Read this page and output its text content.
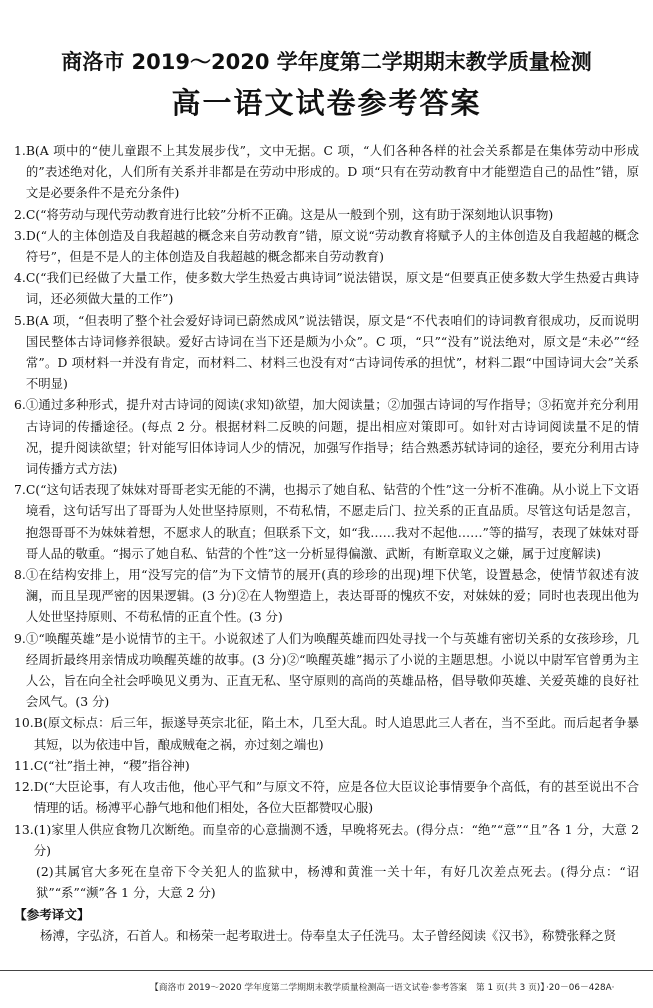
商洛市 2019～2020 学年度第二学期期末教学质量检测
高一语文试卷参考答案
1. B(A 项中的“使儿童跟不上其发展步伐”，文中无据。C 项，“人们各种各样的社会关系都是在集体劳动中形成的”表述绝对化，人们所有关系并非都是在劳动中形成的。D 项“只有在劳动教育中才能塑造自己的品性”错，原文是必要条件不是充分条件)
2. C(“将劳动与现代劳动教育进行比较”分析不正确。这是从一般到个别，这有助于深刻地认识事物)
3. D(“人的主体创造及自我超越的概念来自劳动教育”错，原文说“劳动教育将赋予人的主体创造及自我超越的概念符号”，但是不是人的主体创造及自我超越的概念都来自劳动教育)
4. C(“我们已经做了大量工作，使多数大学生热爱古典诗词”说法错误，原文是“但要真正使多数大学生热爱古典诗词，还必须做大量的工作”)
5. B(A 项，“但表明了整个社会爱好诗词已蔚然成风”说法错误，原文是“不代表咱们的诗词教育很成功，反而说明国民整体古诗词修养很缺。爱好古诗词在当下还是颇为小众”。C 项，“只”“没有”说法绝对，原文是“未必”“经常”。D 项材料一并没有肯定，而材料二、材料三也没有对“古诗词传承的担忧”，材料二跟“中国诗词大会”关系不明显)
6. ①通过多种形式，提升对古诗词的阅读(求知)欲望，加大阅读量；②加强古诗词的写作指导；③拓宽并充分利用古诗词的传播途径。(每点 2 分。根据材料二反映的问题，提出相应对策即可。如针对古诗词阅读量不足的情况，提升阅读欲望；针对能写旧体诗词人少的情况，加强写作指导；结合熟悉苏轼诗词的途径，要充分利用古诗词传播方式方法)
7. C(“这句话表现了妹妹对哥哥老实无能的不满，也揭示了她自私、钻营的个性”这一分析不准确。从小说上下文语境看，这句话写出了哥哥为人处世坚持原则，不苟私情，不愿走后门、拉关系的正直品质。尽管这句话是忽言，抱怨哥哥不为妹妹着想，不愿求人的耿直；但联系下文，如“我……我对不起他……”等的描写，表现了妹妹对哥哥人品的敬重。“揭示了她自私、钻营的个性”这一分析显得偏激、武断，有断章取义之嫌，属于过度解读)
8. ①在结构安排上，用“没写完的信”为下文情节的展开(真的珍珍的出现)埋下伏笔，设置悬念，使情节叙述有波澜，而且呈现严密的因果逻辑。(3 分)②在人物塑造上，表达哥哥的愧疚不安，对妹妹的爱；同时也表现出他为人处世坚持原则、不苟私情的正直个性。(3 分)
9. ①“唤醒英雄”是小说情节的主干。小说叙述了人们为唤醒英雄而四处寻找一个与英雄有密切关系的女孩珍珍，几经周折最终用亲情成功唤醒英雄的故事。(3 分)②“唤醒英雄”揭示了小说的主题思想。小说以中尉军官曾勇为主人公，旨在向全社会呼唤见义勇为、正直无私、坚守原则的高尚的英雄品格，倡导敬仰英雄、关爱英雄的良好社会风气。(3 分)
10. B(原文标点：后三年，振遂导英宗北征，陷土木，几至大乱。时人追思此三人者在，当不至此。而后起者争暴其短，以为依违中旨，酿成贼奄之祸，亦过刻之端也)
11. C(“社”指土神，“稷”指谷神)
12. D(“大臣论事，有人攻击他，他心平气和”与原文不符，应是各位大臣议论事情要争个高低，有的甚至说出不合情理的话。杨溥平心静气地和他们相处，各位大臣都赞叹心服)
13. (1)家里人供应食物几次断绝。而皇帝的心意揣测不透，早晚将死去。(得分点：“绝”“意”“且”各 1 分，大意 2 分)
(2)其属官大多死在皇帝下令关犯人的监狱中，杨溥和黄淮一关十年，有好几次差点死去。(得分点：“诏狱”“系”“濒”各 1 分，大意 2 分)
【参考译文】
杨溥，字弘济，石首人。和杨荣一起考取进士。侍奉皇太子任洗马。太子曾经阅读《汉书》，称赞张释之贤
【商洛市 2019～2020 学年度第二学期期末教学质量检测高一语文试卷·参考答案　第 1 页(共 3 页)】
·20－06－428A·
